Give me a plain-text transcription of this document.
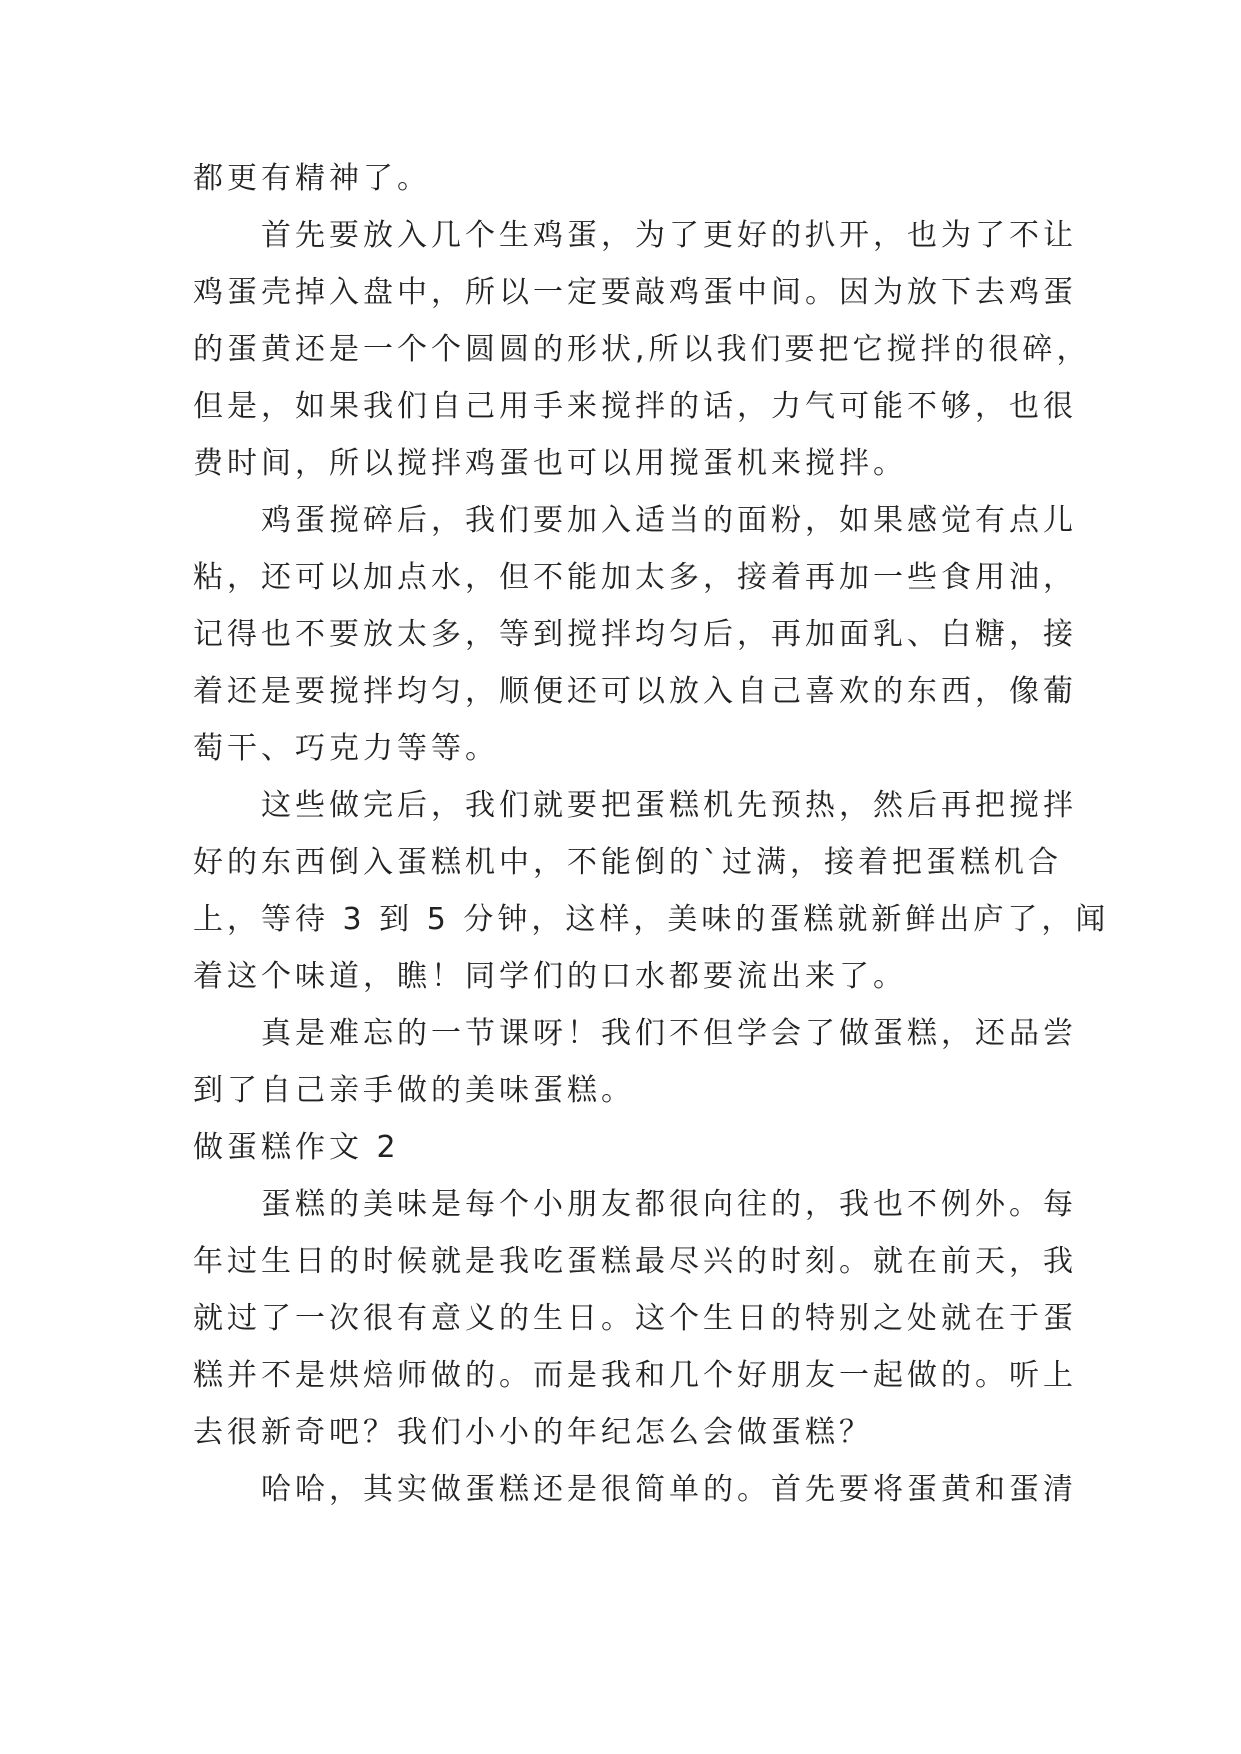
都更有精神了。
首先要放入几个生鸡蛋，为了更好的扒开，也为了不让
鸡蛋壳掉入盘中，所以一定要敲鸡蛋中间。因为放下去鸡蛋
的蛋黄还是一个个圆圆的形状,所以我们要把它搅拌的很碎，
但是，如果我们自己用手来搅拌的话，力气可能不够，也很
费时间，所以搅拌鸡蛋也可以用搅蛋机来搅拌。
鸡蛋搅碎后，我们要加入适当的面粉，如果感觉有点儿
粘，还可以加点水，但不能加太多，接着再加一些食用油，
记得也不要放太多，等到搅拌均匀后，再加面乳、白糖，接
着还是要搅拌均匀，顺便还可以放入自己喜欢的东西，像葡
萄干、巧克力等等。
这些做完后，我们就要把蛋糕机先预热，然后再把搅拌
好的东西倒入蛋糕机中，不能倒的`过满，接着把蛋糕机合
上，等待 3 到 5 分钟，这样，美味的蛋糕就新鲜出庐了，闻
着这个味道，瞧！同学们的口水都要流出来了。
真是难忘的一节课呀！我们不但学会了做蛋糕，还品尝
到了自己亲手做的美味蛋糕。
做蛋糕作文 2
蛋糕的美味是每个小朋友都很向往的，我也不例外。每
年过生日的时候就是我吃蛋糕最尽兴的时刻。就在前天，我
就过了一次很有意义的生日。这个生日的特别之处就在于蛋
糕并不是烘焙师做的。而是我和几个好朋友一起做的。听上
去很新奇吧？我们小小的年纪怎么会做蛋糕？
哈哈，其实做蛋糕还是很简单的。首先要将蛋黄和蛋清
